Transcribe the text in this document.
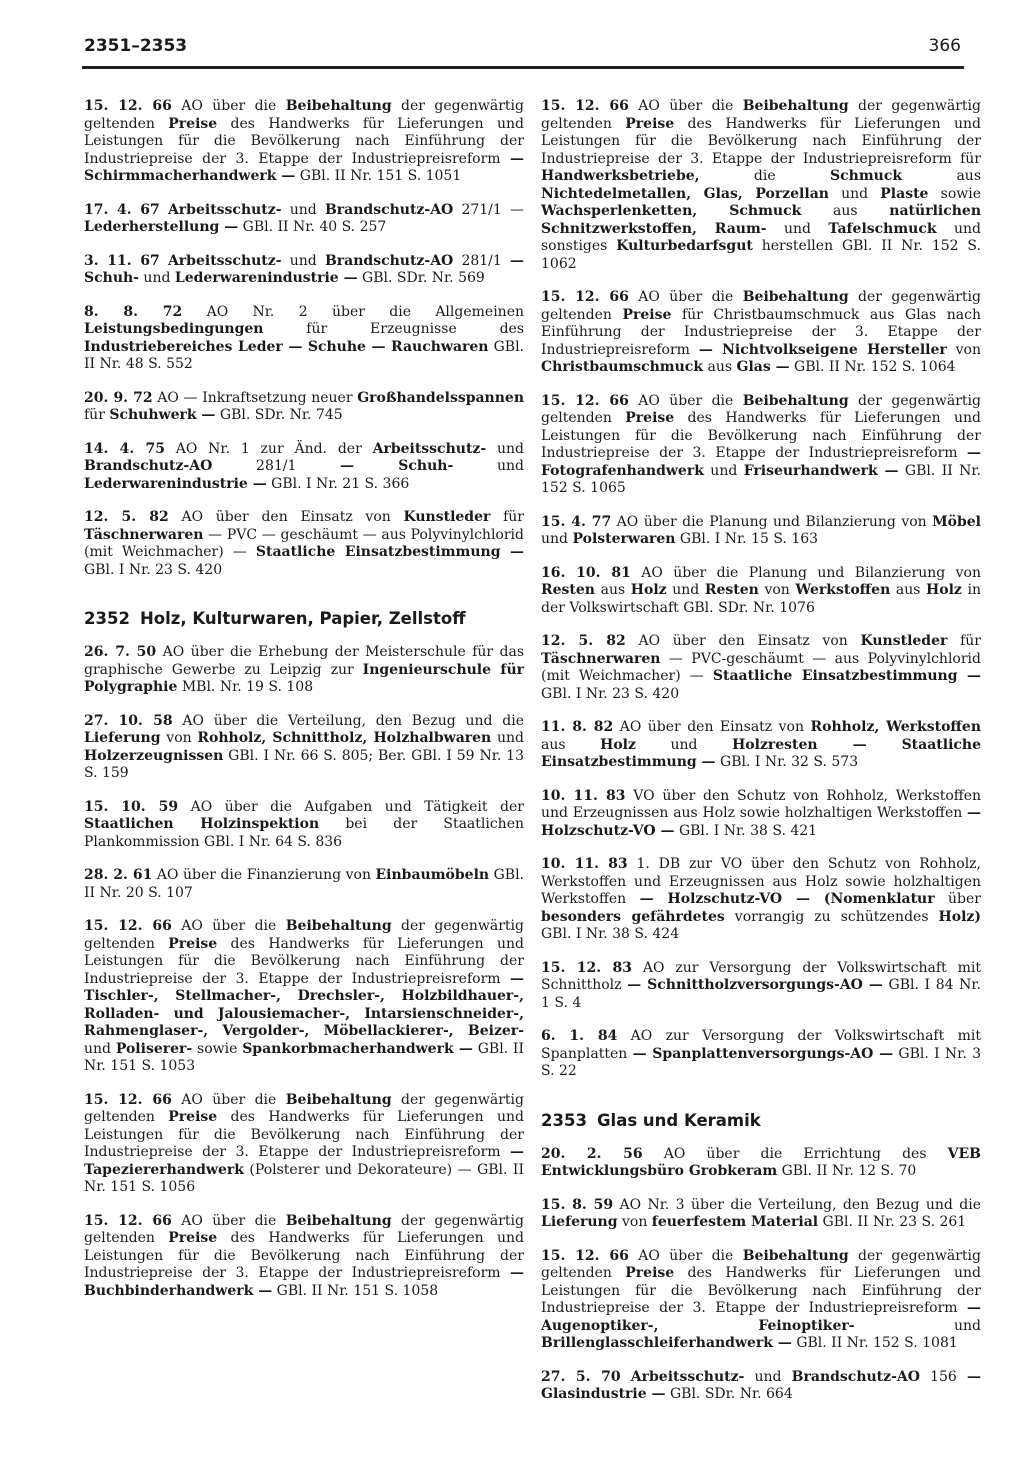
2351–2353	366

15. 12. 66 AO über die Beibehaltung der gegenwärtig geltenden Preise des Handwerks für Lieferungen und Leistungen für die Bevölkerung nach Einführung der Industriepreise der 3. Etappe der Industriepreisreform — Schirmmacherhandwerk — GBl. II Nr. 151 S. 1051

17. 4. 67 Arbeitsschutz- und Brandschutz-AO 271/1 — Lederherstellung — GBl. II Nr. 40 S. 257

3. 11. 67 Arbeitsschutz- und Brandschutz-AO 281/1 — Schuh- und Lederwarenindustrie — GBl. SDr. Nr. 569

8. 8. 72 AO Nr. 2 über die Allgemeinen Leistungsbedingungen für Erzeugnisse des Industriebereiches Leder — Schuhe — Rauchwaren GBl. II Nr. 48 S. 552

20. 9. 72 AO — Inkraftsetzung neuer Großhandelsspannen für Schuhwerk — GBl. SDr. Nr. 745

14. 4. 75 AO Nr. 1 zur Änd. der Arbeitsschutz- und Brandschutz-AO 281/1 — Schuh- und Lederwarenindustrie — GBl. I Nr. 21 S. 366

12. 5. 82 AO über den Einsatz von Kunstleder für Täschnerwaren — PVC — geschäumt — aus Polyvinylchlorid (mit Weichmacher) — Staatliche Einsatzbestimmung — GBl. I Nr. 23 S. 420

2352 Holz, Kulturwaren, Papier, Zellstoff

26. 7. 50 AO über die Erhebung der Meisterschule für das graphische Gewerbe zu Leipzig zur Ingenieurschule für Polygraphie MBl. Nr. 19 S. 108

27. 10. 58 AO über die Verteilung, den Bezug und die Lieferung von Rohholz, Schnittholz, Holzhalbwaren und Holzerzeugnissen GBl. I Nr. 66 S. 805; Ber. GBl. I 59 Nr. 13 S. 159

15. 10. 59 AO über die Aufgaben und Tätigkeit der Staatlichen Holzinspektion bei der Staatlichen Plankommission GBl. I Nr. 64 S. 836

28. 2. 61 AO über die Finanzierung von Einbaumöbeln GBl. II Nr. 20 S. 107

15. 12. 66 AO über die Beibehaltung der gegenwärtig geltenden Preise des Handwerks für Lieferungen und Leistungen für die Bevölkerung nach Einführung der Industriepreise der 3. Etappe der Industriepreisreform — Tischler-, Stellmacher-, Drechsler-, Holzbildhauer-, Rolladen- und Jalousiemacher-, Intarsienschneider-, Rahmenglaser-, Vergolder-, Möbellackierer-, Beizer- und Poliserer- sowie Spankorbmacherhandwerk — GBl. II Nr. 151 S. 1053

15. 12. 66 AO über die Beibehaltung der gegenwärtig geltenden Preise des Handwerks für Lieferungen und Leistungen für die Bevölkerung nach Einführung der Industriepreise der 3. Etappe der Industriepreisreform — Tapeziererhandwerk (Polsterer und Dekorateure) — GBl. II Nr. 151 S. 1056

15. 12. 66 AO über die Beibehaltung der gegenwärtig geltenden Preise des Handwerks für Lieferungen und Leistungen für die Bevölkerung nach Einführung der Industriepreise der 3. Etappe der Industriepreisreform — Buchbinderhandwerk — GBl. II Nr. 151 S. 1058

15. 12. 66 AO über die Beibehaltung der gegenwärtig geltenden Preise des Handwerks für Lieferungen und Leistungen für die Bevölkerung nach Einführung der Industriepreise der 3. Etappe der Industriepreisreform für Handwerksbetriebe, die Schmuck aus Nichtedelmetallen, Glas, Porzellan und Plaste sowie Wachsperlenketten, Schmuck aus natürlichen Schnitzwerkstoffen, Raum- und Tafelschmuck und sonstiges Kulturbedarfsgut herstellen GBl. II Nr. 152 S. 1062

15. 12. 66 AO über die Beibehaltung der gegenwärtig geltenden Preise für Christbaumschmuck aus Glas nach Einführung der Industriepreise der 3. Etappe der Industriepreisreform — Nichtvolkseigene Hersteller von Christbaumschmuck aus Glas — GBl. II Nr. 152 S. 1064

15. 12. 66 AO über die Beibehaltung der gegenwärtig geltenden Preise des Handwerks für Lieferungen und Leistungen für die Bevölkerung nach Einführung der Industriepreise der 3. Etappe der Industriepreisreform — Fotografenhandwerk und Friseurhandwerk — GBl. II Nr. 152 S. 1065

15. 4. 77 AO über die Planung und Bilanzierung von Möbel und Polsterwaren GBl. I Nr. 15 S. 163

16. 10. 81 AO über die Planung und Bilanzierung von Resten aus Holz und Resten von Werkstoffen aus Holz in der Volkswirtschaft GBl. SDr. Nr. 1076

12. 5. 82 AO über den Einsatz von Kunstleder für Täschnerwaren — PVC-geschäumt — aus Polyvinylchlorid (mit Weichmacher) — Staatliche Einsatzbestimmung — GBl. I Nr. 23 S. 420

11. 8. 82 AO über den Einsatz von Rohholz, Werkstoffen aus Holz und Holzresten — Staatliche Einsatzbestimmung — GBl. I Nr. 32 S. 573

10. 11. 83 VO über den Schutz von Rohholz, Werkstoffen und Erzeugnissen aus Holz sowie holzhaltigen Werkstoffen — Holzschutz-VO — GBl. I Nr. 38 S. 421

10. 11. 83 1. DB zur VO über den Schutz von Rohholz, Werkstoffen und Erzeugnissen aus Holz sowie holzhaltigen Werkstoffen — Holzschutz-VO — (Nomenklatur über besonders gefährdetes vorrangig zu schützendes Holz) GBl. I Nr. 38 S. 424

15. 12. 83 AO zur Versorgung der Volkswirtschaft mit Schnittholz — Schnittholzversorgungs-AO — GBl. I 84 Nr. 1 S. 4

6. 1. 84 AO zur Versorgung der Volkswirtschaft mit Spanplatten — Spanplattenversorgungs-AO — GBl. I Nr. 3 S. 22

2353 Glas und Keramik

20. 2. 56 AO über die Errichtung des VEB Entwicklungsbüro Grobkeram GBl. II Nr. 12 S. 70

15. 8. 59 AO Nr. 3 über die Verteilung, den Bezug und die Lieferung von feuerfestem Material GBl. II Nr. 23 S. 261

15. 12. 66 AO über die Beibehaltung der gegenwärtig geltenden Preise des Handwerks für Lieferungen und Leistungen für die Bevölkerung nach Einführung der Industriepreise der 3. Etappe der Industriepreisreform — Augenoptiker-, Feinoptiker- und Brillenglasschleiferhandwerk — GBl. II Nr. 152 S. 1081

27. 5. 70 Arbeitsschutz- und Brandschutz-AO 156 — Glasindustrie — GBl. SDr. Nr. 664
